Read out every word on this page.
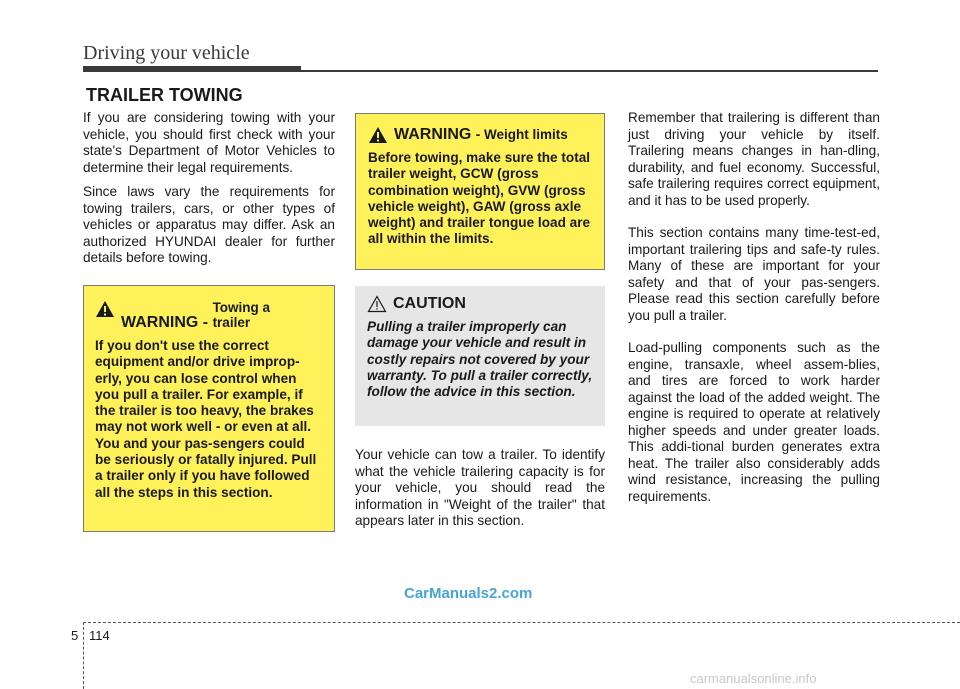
Driving your vehicle
TRAILER TOWING

If you are considering towing with your vehicle, you should first check with your state's Department of Motor Vehicles to determine their legal requirements.

Since laws vary the requirements for towing trailers, cars, or other types of vehicles or apparatus may differ. Ask an authorized HYUNDAI dealer for further details before towing.

WARNING - Towing a trailer
If you don't use the correct equipment and/or drive improp-erly, you can lose control when you pull a trailer. For example, if the trailer is too heavy, the brakes may not work well - or even at all. You and your pas-sengers could be seriously or fatally injured. Pull a trailer only if you have followed all the steps in this section.
WARNING - Weight limits
Before towing, make sure the total trailer weight, GCW (gross combination weight), GVW (gross vehicle weight), GAW (gross axle weight) and trailer tongue load are all within the limits.
CAUTION
Pulling a trailer improperly can damage your vehicle and result in costly repairs not covered by your warranty. To pull a trailer correctly, follow the advice in this section.

Your vehicle can tow a trailer. To identify what the vehicle trailering capacity is for your vehicle, you should read the information in "Weight of the trailer" that appears later in this section.

Remember that trailering is different than just driving your vehicle by itself. Trailering means changes in han-dling, durability, and fuel economy. Successful, safe trailering requires correct equipment, and it has to be used properly.

This section contains many time-test-ed, important trailering tips and safe-ty rules. Many of these are important for your safety and that of your pas-sengers. Please read this section carefully before you pull a trailer.

Load-pulling components such as the engine, transaxle, wheel assem-blies, and tires are forced to work harder against the load of the added weight. The engine is required to operate at relatively higher speeds and under greater loads. This addi-tional burden generates extra heat. The trailer also considerably adds wind resistance, increasing the pulling requirements.

CarManuals2.com
5 114
carmanualsonline.info
